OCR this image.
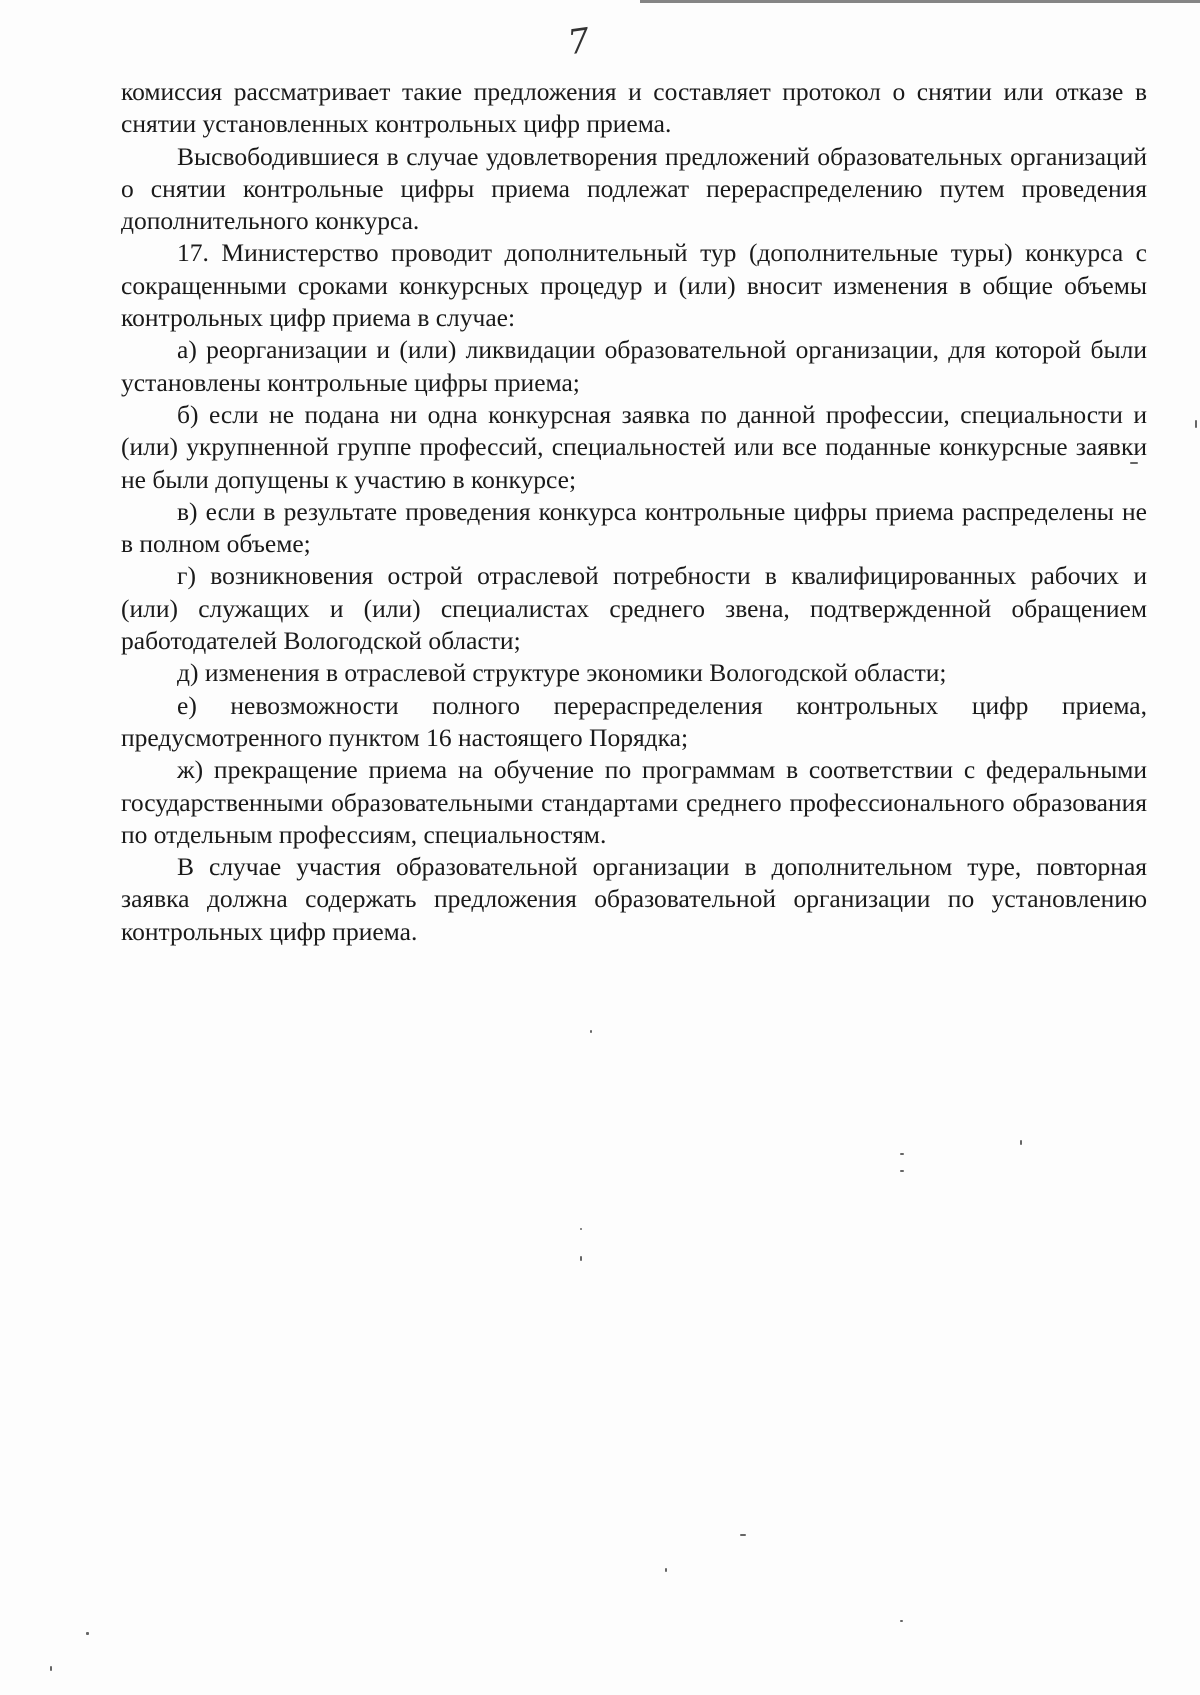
7

комиссия рассматривает такие предложения и составляет протокол о снятии или отказе в снятии установленных контрольных цифр приема.

Высвободившиеся в случае удовлетворения предложений образовательных организаций о снятии контрольные цифры приема подлежат перераспределению путем проведения дополнительного конкурса.

17. Министерство проводит дополнительный тур (дополнительные туры) конкурса с сокращенными сроками конкурсных процедур и (или) вносит изменения в общие объемы контрольных цифр приема в случае:

а) реорганизации и (или) ликвидации образовательной организации, для которой были установлены контрольные цифры приема;

б) если не подана ни одна конкурсная заявка по данной профессии, специальности и (или) укрупненной группе профессий, специальностей или все поданные конкурсные заявки не были допущены к участию в конкурсе;

в) если в результате проведения конкурса контрольные цифры приема распределены не в полном объеме;

г) возникновения острой отраслевой потребности в квалифицированных рабочих и (или) служащих и (или) специалистах среднего звена, подтвержденной обращением работодателей Вологодской области;

д) изменения в отраслевой структуре экономики Вологодской области;

е) невозможности полного перераспределения контрольных цифр приема, предусмотренного пунктом 16 настоящего Порядка;

ж) прекращение приема на обучение по программам в соответствии с федеральными государственными образовательными стандартами среднего профессионального образования по отдельным профессиям, специальностям.

В случае участия образовательной организации в дополнительном туре, повторная заявка должна содержать предложения образовательной организации по установлению контрольных цифр приема.
